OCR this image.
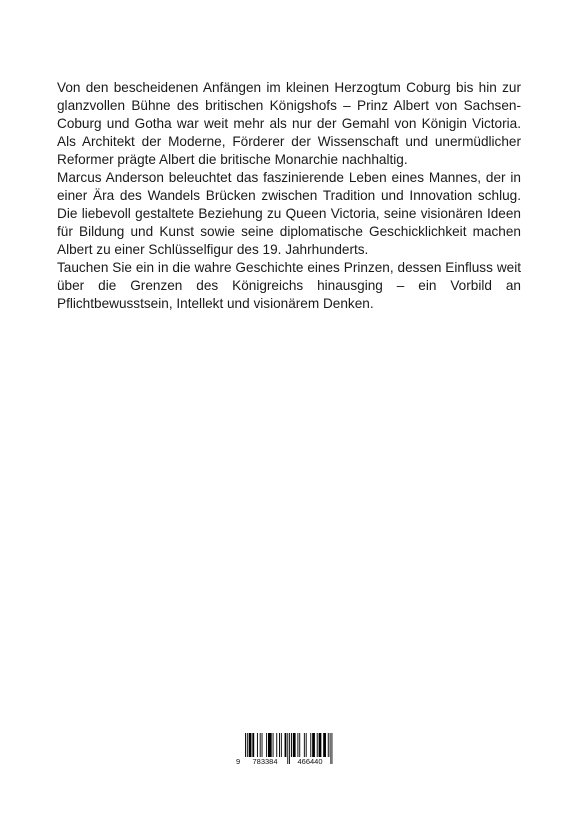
Von den bescheidenen Anfängen im kleinen Herzogtum Coburg bis hin zur glanzvollen Bühne des britischen Königshofs – Prinz Albert von Sachsen-Coburg und Gotha war weit mehr als nur der Gemahl von Königin Victoria. Als Architekt der Moderne, Förderer der Wissenschaft und unermüdlicher Reformer prägte Albert die britische Monarchie nachhaltig.

Marcus Anderson beleuchtet das faszinierende Leben eines Mannes, der in einer Ära des Wandels Brücken zwischen Tradition und Innovation schlug. Die liebevoll gestaltete Beziehung zu Queen Victoria, seine visionären Ideen für Bildung und Kunst sowie seine diplomatische Geschicklichkeit machen Albert zu einer Schlüsselfigur des 19. Jahrhunderts.

Tauchen Sie ein in die wahre Geschichte eines Prinzen, dessen Einfluss weit über die Grenzen des Königreichs hinausging – ein Vorbild an Pflichtbewusstsein, Intellekt und visionärem Denken.

9	783384	466440
